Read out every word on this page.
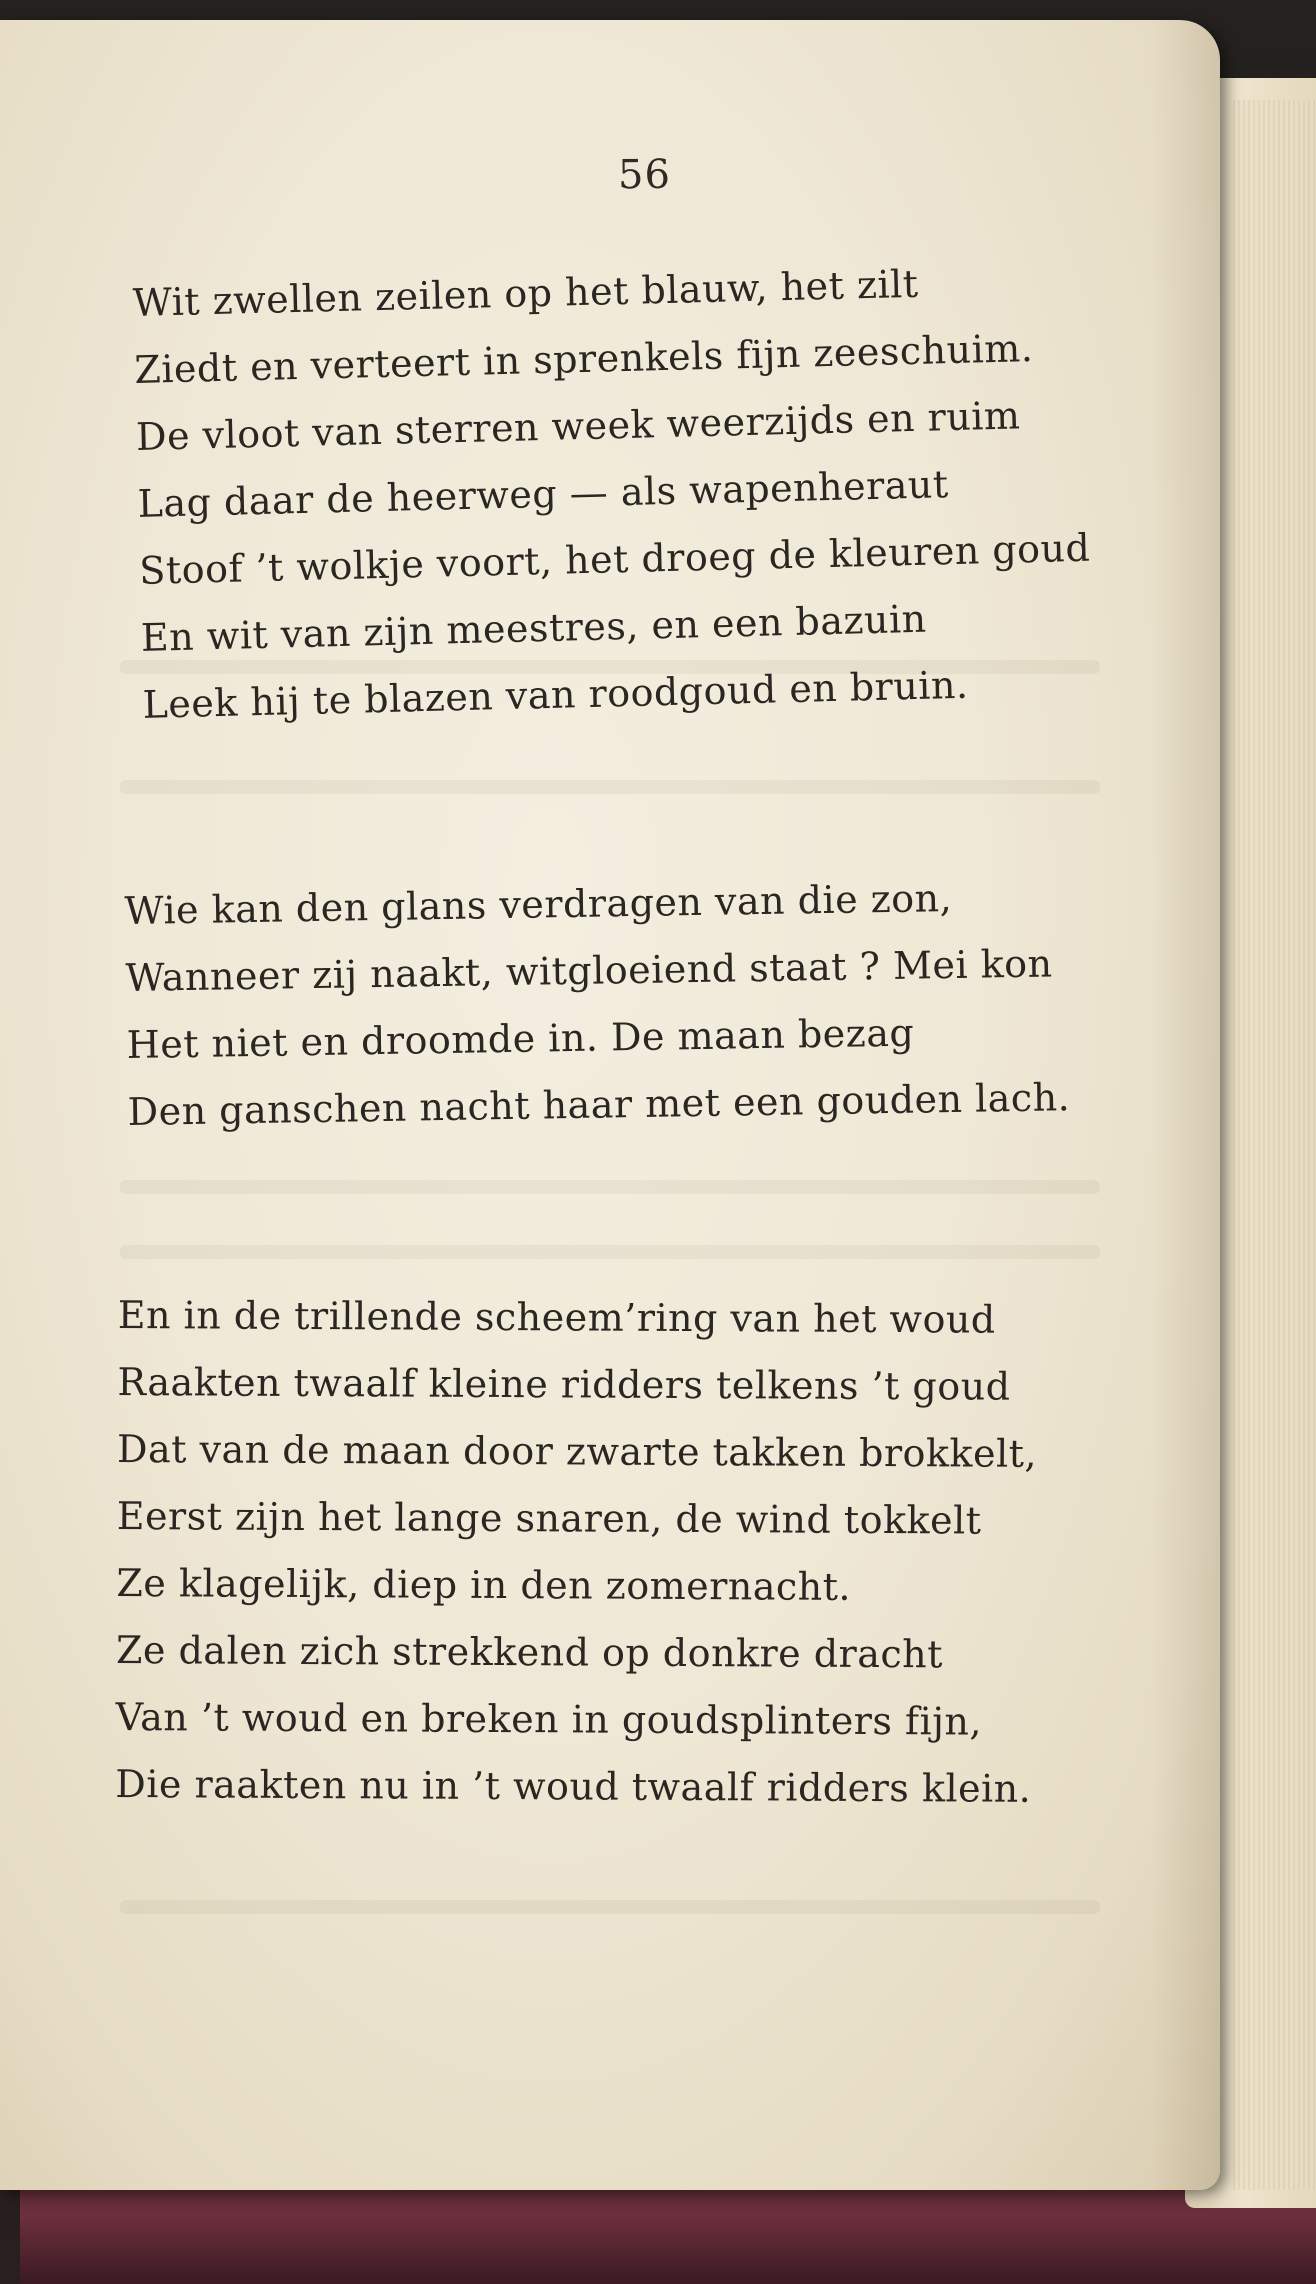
56
Wit zwellen zeilen op het blauw, het zilt
Ziedt en verteert in sprenkels fijn zeeschuim.
De vloot van sterren week weerzijds en ruim
Lag daar de heerweg — als wapenheraut
Stoof ’t wolkje voort, het droeg de kleuren goud
En wit van zijn meestres, en een bazuin
Leek hij te blazen van roodgoud en bruin.
Wie kan den glans verdragen van die zon,
Wanneer zij naakt, witgloeiend staat ? Mei kon
Het niet en droomde in. De maan bezag
Den ganschen nacht haar met een gouden lach.
En in de trillende scheem’ring van het woud
Raakten twaalf kleine ridders telkens ’t goud
Dat van de maan door zwarte takken brokkelt,
Eerst zijn het lange snaren, de wind tokkelt
Ze klagelijk, diep in den zomernacht.
Ze dalen zich strekkend op donkre dracht
Van ’t woud en breken in goudsplinters fijn,
Die raakten nu in ’t woud twaalf ridders klein.
